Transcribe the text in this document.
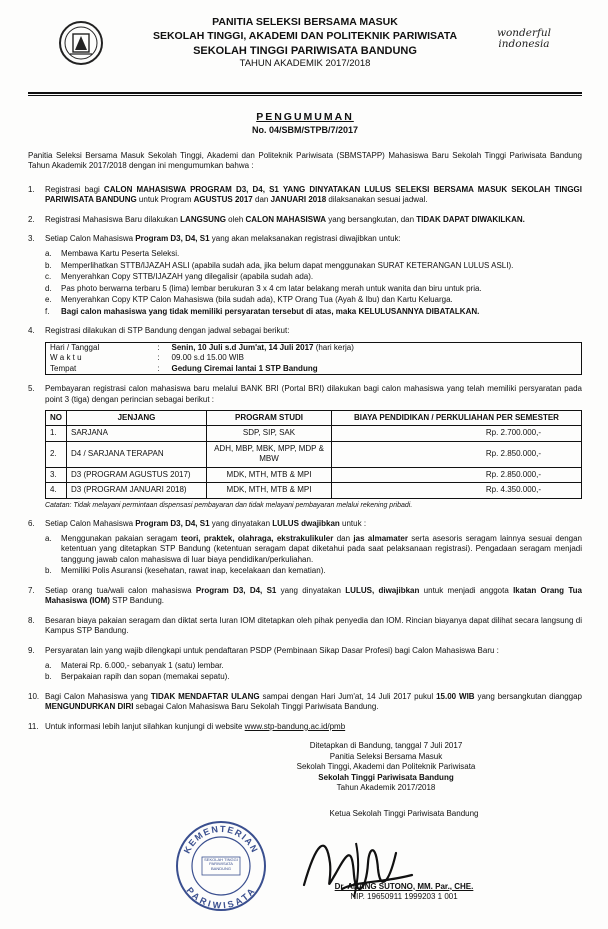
PANITIA SELEKSI BERSAMA MASUK
SEKOLAH TINGGI, AKADEMI DAN POLITEKNIK PARIWISATA
SEKOLAH TINGGI PARIWISATA BANDUNG
TAHUN AKADEMIK 2017/2018
wonderful
indonesia
PENGUMUMAN
No. 04/SBM/STPB/7/2017
Panitia Seleksi Bersama Masuk Sekolah Tinggi, Akademi dan Politeknik Pariwisata (SBMSTAPP) Mahasiswa Baru Sekolah Tinggi Pariwisata Bandung Tahun Akademik 2017/2018 dengan ini mengumumkan bahwa :
1. Registrasi bagi CALON MAHASISWA PROGRAM D3, D4, S1 YANG DINYATAKAN LULUS SELEKSI BERSAMA MASUK SEKOLAH TINGGI PARIWISATA BANDUNG untuk Program AGUSTUS 2017 dan JANUARI 2018 dilaksanakan sesuai jadwal.
2. Registrasi Mahasiswa Baru dilakukan LANGSUNG oleh CALON MAHASISWA yang bersangkutan, dan TIDAK DAPAT DIWAKILKAN.
3. Setiap Calon Mahasiswa Program D3, D4, S1 yang akan melaksanakan registrasi diwajibkan untuk:
a. Membawa Kartu Peserta Seleksi.
b. Memperlihatkan STTB/IJAZAH ASLI (apabila sudah ada, jika belum dapat menggunakan SURAT KETERANGAN LULUS ASLI).
c. Menyerahkan Copy STTB/IJAZAH yang dilegalisir (apabila sudah ada).
d. Pas photo berwarna terbaru 5 (lima) lembar berukuran 3 x 4 cm latar belakang merah untuk wanita dan biru untuk pria.
e. Menyerahkan Copy KTP Calon Mahasiswa (bila sudah ada), KTP Orang Tua (Ayah & Ibu) dan Kartu Keluarga.
f. Bagi calon mahasiswa yang tidak memiliki persyaratan tersebut di atas, maka KELULUSANNYA DIBATALKAN.
4. Registrasi dilakukan di STP Bandung dengan jadwal sebagai berikut:
Hari / Tanggal	:	Senin, 10 Juli s.d Jum'at, 14 Juli 2017 (hari kerja)
W a k t u	:	09.00 s.d 15.00 WIB
Tempat	:	Gedung Ciremai lantai 1 STP Bandung
5. Pembayaran registrasi calon mahasiswa baru melalui BANK BRI (Portal BRI) dilakukan bagi calon mahasiswa yang telah memiliki persyaratan pada point 3 (tiga) dengan perincian sebagai berikut :
NO	JENJANG	PROGRAM STUDI	BIAYA PENDIDIKAN / PERKULIAHAN PER SEMESTER
1.	SARJANA	SDP, SIP, SAK	Rp. 2.700.000,-
2.	D4 / SARJANA TERAPAN	ADH, MBP, MBK, MPP, MDP & MBW	Rp. 2.850.000,-
3.	D3 (PROGRAM AGUSTUS 2017)	MDK, MTH, MTB & MPI	Rp. 2.850.000,-
4.	D3 (PROGRAM JANUARI 2018)	MDK, MTH, MTB & MPI	Rp. 4.350.000,-
Catatan: Tidak melayani permintaan dispensasi pembayaran dan tidak melayani pembayaran melalui rekening pribadi.
6. Setiap Calon Mahasiswa Program D3, D4, S1 yang dinyatakan LULUS dwajibkan untuk :
a. Menggunakan pakaian seragam teori, praktek, olahraga, ekstrakulikuler dan jas almamater serta asesoris seragam lainnya sesuai dengan ketentuan yang ditetapkan STP Bandung (ketentuan seragam dapat diketahui pada saat pelaksanaan registrasi). Pengadaan seragam menjadi tanggung jawab calon mahasiswa di luar biaya pendidikan/perkuliahan.
b. Memiliki Polis Asuransi (kesehatan, rawat inap, kecelakaan dan kematian).
7. Setiap orang tua/wali calon mahasiswa Program D3, D4, S1 yang dinyatakan LULUS, diwajibkan untuk menjadi anggota Ikatan Orang Tua Mahasiswa (IOM) STP Bandung.
8. Besaran biaya pakaian seragam dan diktat serta Iuran IOM ditetapkan oleh pihak penyedia dan IOM. Rincian biayanya dapat dilihat secara langsung di Kampus STP Bandung.
9. Persyaratan lain yang wajib dilengkapi untuk pendaftaran PSDP (Pembinaan Sikap Dasar Profesi) bagi Calon Mahasiswa Baru :
a. Materai Rp. 6.000,- sebanyak 1 (satu) lembar.
b. Berpakaian rapih dan sopan (memakai sepatu).
10. Bagi Calon Mahasiswa yang TIDAK MENDAFTAR ULANG sampai dengan Hari Jum'at, 14 Juli 2017 pukul 15.00 WIB yang bersangkutan dianggap MENGUNDURKAN DIRI sebagai Calon Mahasiswa Baru Sekolah Tinggi Pariwisata Bandung.
11. Untuk informasi lebih lanjut silahkan kunjungi di website www.stp-bandung.ac.id/pmb
Ditetapkan di Bandung, tanggal 7 Juli 2017
Panitia Seleksi Bersama Masuk
Sekolah Tinggi, Akademi dan Politeknik Pariwisata
Sekolah Tinggi Pariwisata Bandung
Tahun Akademik 2017/2018
Ketua Sekolah Tinggi Pariwisata Bandung
Dr. ANANG SUTONO, MM. Par., CHE.
NIP. 19650911 1999203 1 001
KEMENTERIAN
PARIWISATA
SEKOLAH TINGGI PARIWISATA BANDUNG
